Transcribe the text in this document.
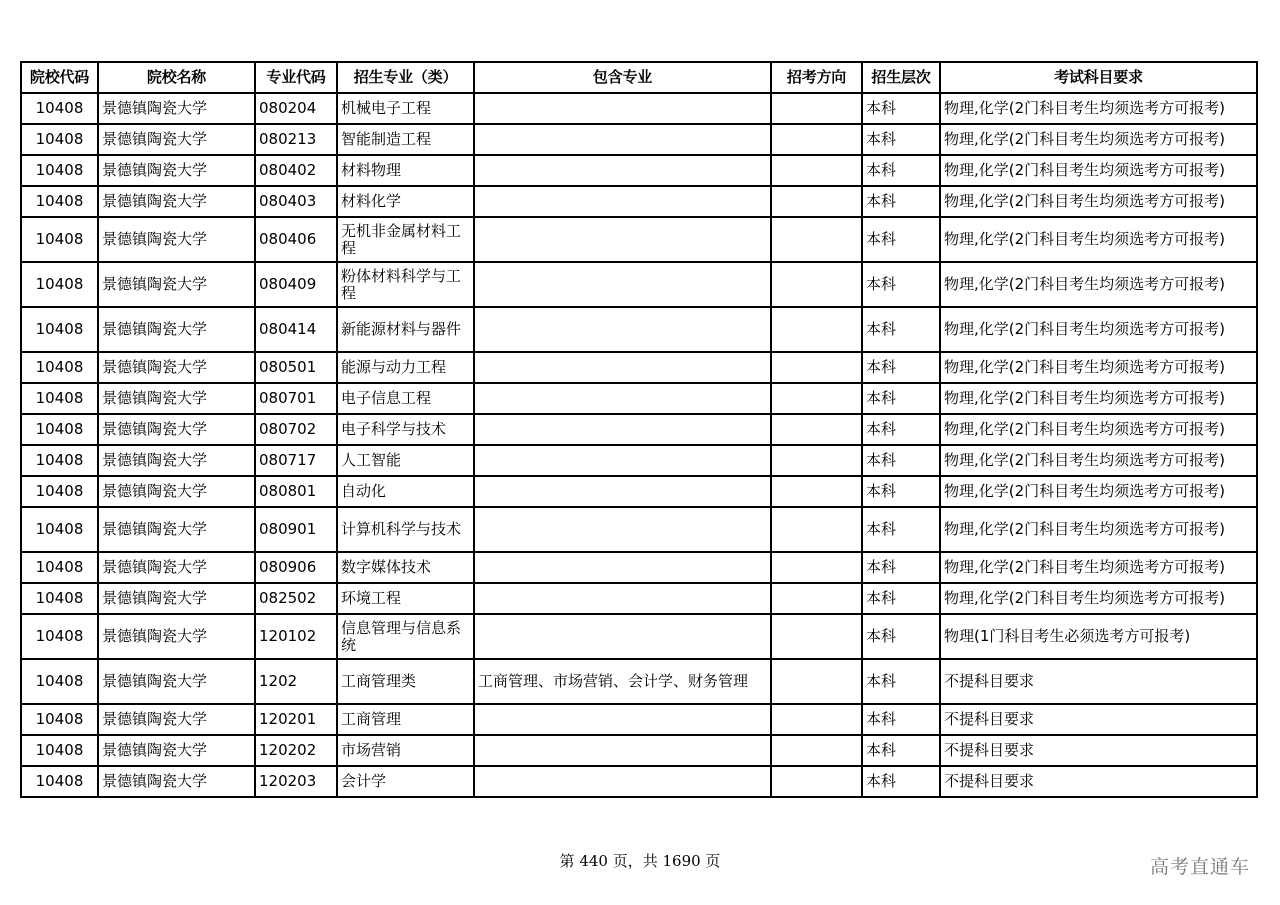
院校代码	院校名称	专业代码	招生专业（类）	包含专业	招考方向	招生层次	考试科目要求
10408	景德镇陶瓷大学	080204	机械电子工程			本科	物理,化学(2门科目考生均须选考方可报考)
10408	景德镇陶瓷大学	080213	智能制造工程			本科	物理,化学(2门科目考生均须选考方可报考)
10408	景德镇陶瓷大学	080402	材料物理			本科	物理,化学(2门科目考生均须选考方可报考)
10408	景德镇陶瓷大学	080403	材料化学			本科	物理,化学(2门科目考生均须选考方可报考)
10408	景德镇陶瓷大学	080406	无机非金属材料工程			本科	物理,化学(2门科目考生均须选考方可报考)
10408	景德镇陶瓷大学	080409	粉体材料科学与工程			本科	物理,化学(2门科目考生均须选考方可报考)
10408	景德镇陶瓷大学	080414	新能源材料与器件			本科	物理,化学(2门科目考生均须选考方可报考)
10408	景德镇陶瓷大学	080501	能源与动力工程			本科	物理,化学(2门科目考生均须选考方可报考)
10408	景德镇陶瓷大学	080701	电子信息工程			本科	物理,化学(2门科目考生均须选考方可报考)
10408	景德镇陶瓷大学	080702	电子科学与技术			本科	物理,化学(2门科目考生均须选考方可报考)
10408	景德镇陶瓷大学	080717	人工智能			本科	物理,化学(2门科目考生均须选考方可报考)
10408	景德镇陶瓷大学	080801	自动化			本科	物理,化学(2门科目考生均须选考方可报考)
10408	景德镇陶瓷大学	080901	计算机科学与技术			本科	物理,化学(2门科目考生均须选考方可报考)
10408	景德镇陶瓷大学	080906	数字媒体技术			本科	物理,化学(2门科目考生均须选考方可报考)
10408	景德镇陶瓷大学	082502	环境工程			本科	物理,化学(2门科目考生均须选考方可报考)
10408	景德镇陶瓷大学	120102	信息管理与信息系统			本科	物理(1门科目考生必须选考方可报考)
10408	景德镇陶瓷大学	1202	工商管理类	工商管理、市场营销、会计学、财务管理		本科	不提科目要求
10408	景德镇陶瓷大学	120201	工商管理			本科	不提科目要求
10408	景德镇陶瓷大学	120202	市场营销			本科	不提科目要求
10408	景德镇陶瓷大学	120203	会计学			本科	不提科目要求
第 440 页，共 1690 页	高考直通车
